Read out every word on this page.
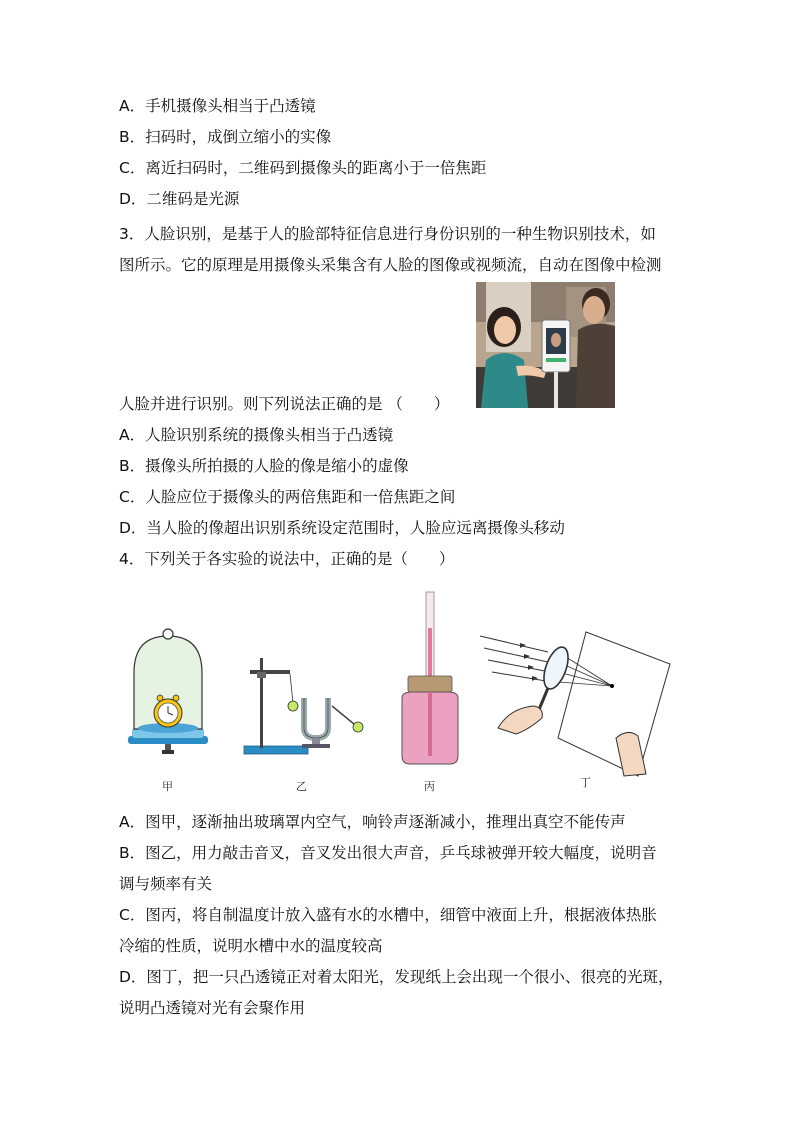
A．手机摄像头相当于凸透镜
B．扫码时，成倒立缩小的实像
C．离近扫码时，二维码到摄像头的距离小于一倍焦距
D．二维码是光源
3．人脸识别，是基于人的脸部特征信息进行身份识别的一种生物识别技术，如
图所示。它的原理是用摄像头采集含有人脸的图像或视频流，自动在图像中检测
人脸并进行识别。则下列说法正确的是 （　　）
A．人脸识别系统的摄像头相当于凸透镜
B．摄像头所拍摄的人脸的像是缩小的虚像
C．人脸应位于摄像头的两倍焦距和一倍焦距之间
D．当人脸的像超出识别系统设定范围时，人脸应远离摄像头移动
4．下列关于各实验的说法中，正确的是（　　）
甲	乙	丙	丁
A．图甲，逐渐抽出玻璃罩内空气，响铃声逐渐减小，推理出真空不能传声
B．图乙，用力敲击音叉，音叉发出很大声音，乒乓球被弹开较大幅度，说明音
调与频率有关
C．图丙，将自制温度计放入盛有水的水槽中，细管中液面上升，根据液体热胀
冷缩的性质，说明水槽中水的温度较高
D．图丁，把一只凸透镜正对着太阳光，发现纸上会出现一个很小、很亮的光斑，
说明凸透镜对光有会聚作用
